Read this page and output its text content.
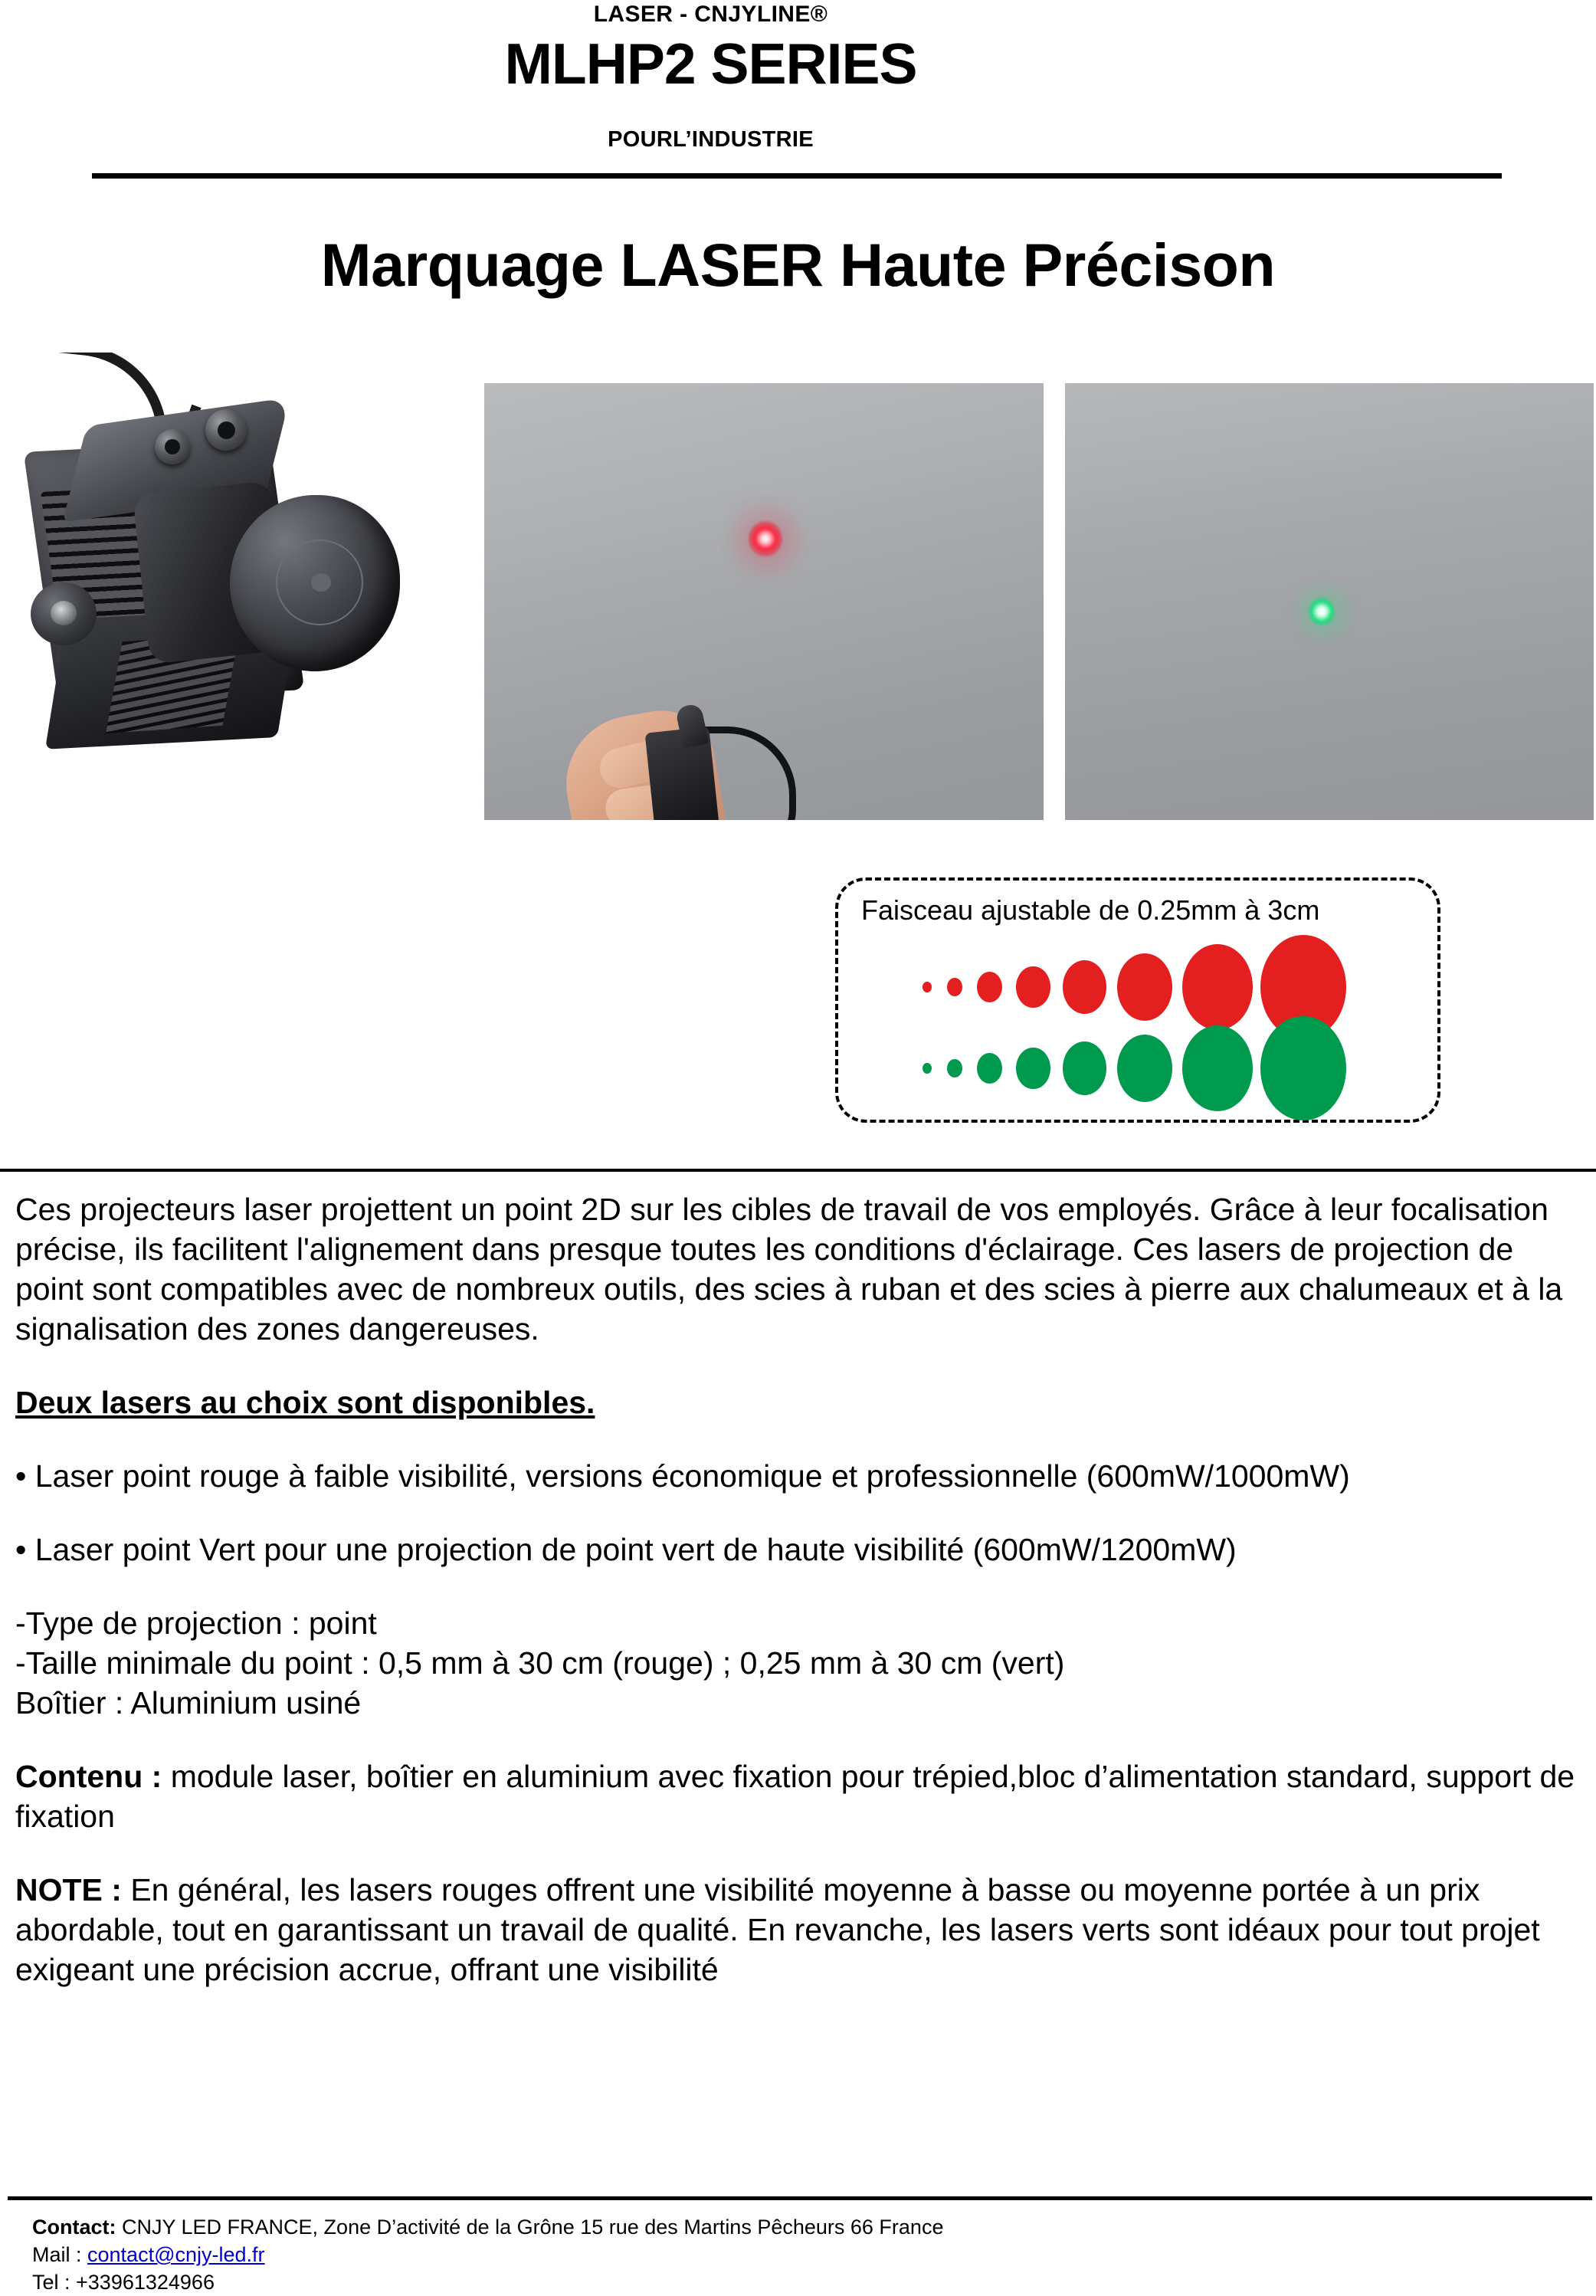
LASER - CNJYLINE®
MLHP2 SERIES
POURL’INDUSTRIE
Marquage LASER Haute Précison
Faisceau ajustable de 0.25mm à 3cm

Ces projecteurs laser projettent un point 2D sur les cibles de travail de vos employés. Grâce à leur focalisation précise, ils facilitent l'alignement dans presque toutes les conditions d'éclairage. Ces lasers de projection de point sont compatibles avec de nombreux outils, des scies à ruban et des scies à pierre aux chalumeaux et à la signalisation des zones dangereuses.

Deux lasers au choix sont disponibles.

• Laser point rouge à faible visibilité, versions économique et professionnelle (600mW/1000mW)

• Laser point Vert pour une projection de point vert de haute visibilité (600mW/1200mW)

-Type de projection : point

-Taille minimale du point : 0,5 mm à 30 cm (rouge) ; 0,25 mm à 30 cm (vert)

Boîtier : Aluminium usiné

Contenu : module laser, boîtier en aluminium avec fixation pour trépied,bloc d’alimentation standard, support de fixation

NOTE : En général, les lasers rouges offrent une visibilité moyenne à basse ou moyenne portée à un prix abordable, tout en garantissant un travail de qualité. En revanche, les lasers verts sont idéaux pour tout projet exigeant une précision accrue, offrant une visibilité

Contact: CNJY LED FRANCE, Zone D’activité de la Grône 15 rue des Martins Pêcheurs 66 France
Mail : contact@cnjy-led.fr
Tel : +33961324966
